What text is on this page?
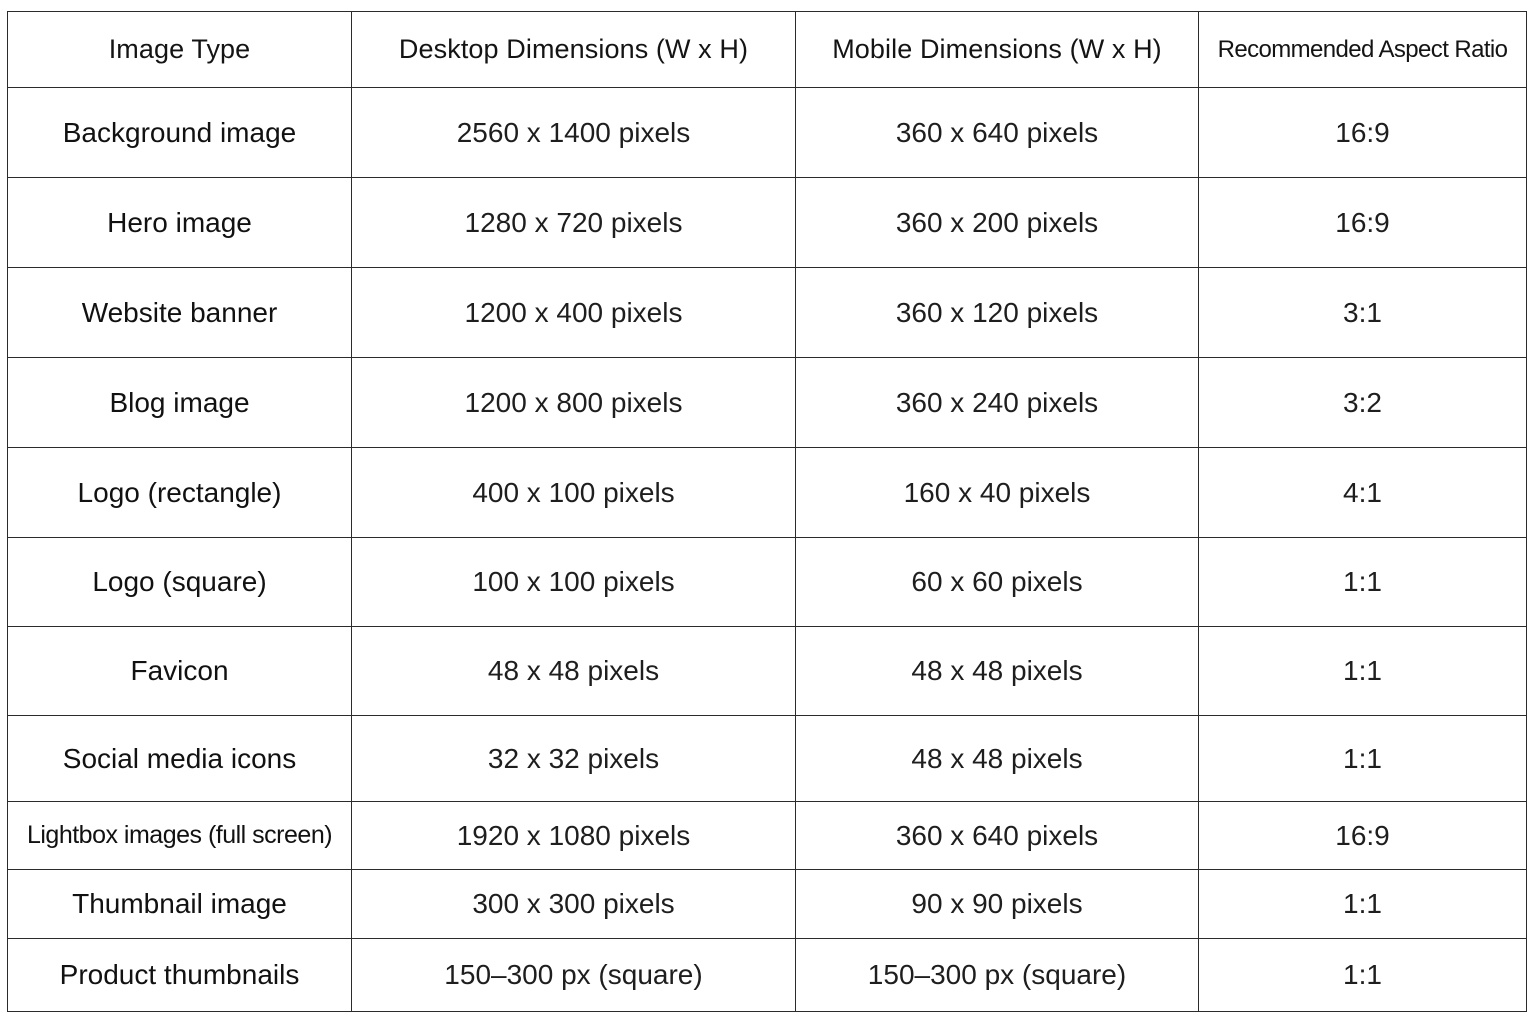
Image Type	Desktop Dimensions (W x H)	Mobile Dimensions (W x H)	Recommended Aspect Ratio
Background image	2560 x 1400 pixels	360 x 640 pixels	16:9
Hero image	1280 x 720 pixels	360 x 200 pixels	16:9
Website banner	1200 x 400 pixels	360 x 120 pixels	3:1
Blog image	1200 x 800 pixels	360 x 240 pixels	3:2
Logo (rectangle)	400 x 100 pixels	160 x 40 pixels	4:1
Logo (square)	100 x 100 pixels	60 x 60 pixels	1:1
Favicon	48 x 48 pixels	48 x 48 pixels	1:1
Social media icons	32 x 32 pixels	48 x 48 pixels	1:1
Lightbox images (full screen)	1920 x 1080 pixels	360 x 640 pixels	16:9
Thumbnail image	300 x 300 pixels	90 x 90 pixels	1:1
Product thumbnails	150–300 px (square)	150–300 px (square)	1:1
